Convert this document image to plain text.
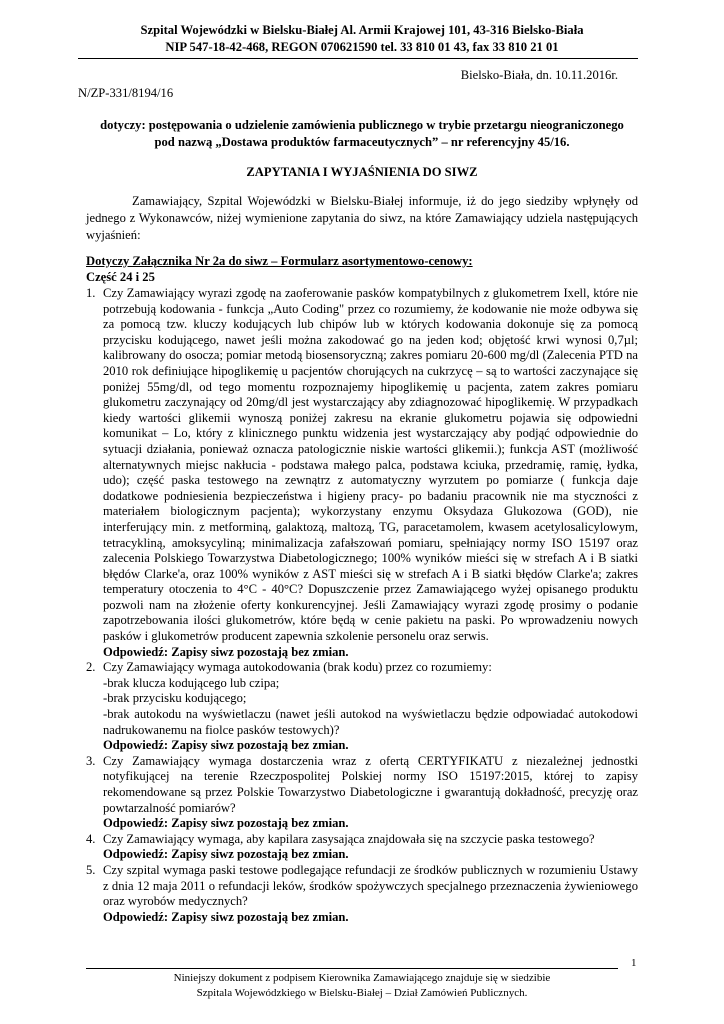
Szpital Wojewódzki w Bielsku-Białej Al. Armii Krajowej 101, 43-316 Bielsko-Biała
NIP 547-18-42-468, REGON 070621590 tel. 33 810 01 43, fax 33 810 21 01
Bielsko-Biała, dn. 10.11.2016r.
N/ZP-331/8194/16
dotyczy: postępowania o udzielenie zamówienia publicznego w trybie przetargu nieograniczonego
pod nazwą „Dostawa produktów farmaceutycznych” – nr referencyjny 45/16.
ZAPYTANIA I WYJAŚNIENIA DO SIWZ
Zamawiający, Szpital Wojewódzki w Bielsku-Białej informuje, iż do jego siedziby wpłynęły od jednego z Wykonawców, niżej wymienione zapytania do siwz, na które Zamawiający udziela następujących wyjaśnień:
Dotyczy Załącznika Nr 2a do siwz – Formularz asortymentowo-cenowy:
Część 24 i 25
1. Czy Zamawiający wyrazi zgodę na zaoferowanie pasków kompatybilnych z glukometrem Ixell, które nie potrzebują kodowania - funkcja „Auto Coding" przez co rozumiemy, że kodowanie nie może odbywa się za pomocą tzw. kluczy kodujących lub chipów lub w których kodowania dokonuje się za pomocą przycisku kodującego, nawet jeśli można zakodować go na jeden kod; objętość krwi wynosi 0,7µl; kalibrowany do osocza; pomiar metodą biosensoryczną; zakres pomiaru 20-600 mg/dl (Zalecenia PTD na 2010 rok definiujące hipoglikemię u pacjentów chorujących na cukrzycę – są to wartości zaczynające się poniżej 55mg/dl, od tego momentu rozpoznajemy hipoglikemię u pacjenta, zatem zakres pomiaru glukometru zaczynający od 20mg/dl jest wystarczający aby zdiagnozować hipoglikemię. W przypadkach kiedy wartości glikemii wynoszą poniżej zakresu na ekranie glukometru pojawia się odpowiedni komunikat – Lo, który z klinicznego punktu widzenia jest wystarczający aby podjąć odpowiednie do sytuacji działania, ponieważ oznacza patologicznie niskie wartości glikemii.); funkcja AST (możliwość alternatywnych miejsc nakłucia - podstawa małego palca, podstawa kciuka, przedramię, ramię, łydka, udo); część paska testowego na zewnątrz z automatyczny wyrzutem po pomiarze ( funkcja daje dodatkowe podniesienia bezpieczeństwa i higieny pracy- po badaniu pracownik nie ma styczności z materiałem biologicznym pacjenta); wykorzystany enzymu Oksydaza Glukozowa (GOD), nie interferujący min. z metforminą, galaktozą, maltozą, TG, paracetamolem, kwasem acetylosalicylowym, tetracykliną, amoksycyliną; minimalizacja zafałszowań pomiaru, spełniający normy ISO 15197 oraz zalecenia Polskiego Towarzystwa Diabetologicznego; 100% wyników mieści się w strefach A i B siatki błędów Clarke'a, oraz 100% wyników z AST mieści się w strefach A i B siatki błędów Clarke'a; zakres temperatury otoczenia to 4°C - 40°C? Dopuszczenie przez Zamawiającego wyżej opisanego produktu pozwoli nam na złożenie oferty konkurencyjnej. Jeśli Zamawiający wyrazi zgodę prosimy o podanie zapotrzebowania ilości glukometrów, które będą w cenie pakietu na paski. Po wprowadzeniu nowych pasków i glukometrów producent zapewnia szkolenie personelu oraz serwis.
Odpowiedź: Zapisy siwz pozostają bez zmian.
2. Czy Zamawiający wymaga autokodowania (brak kodu) przez co rozumiemy:
-brak klucza kodującego lub czipa;
-brak przycisku kodującego;
-brak autokodu na wyświetlaczu (nawet jeśli autokod na wyświetlaczu będzie odpowiadać autokodowi nadrukowanemu na fiolce pasków testowych)?
Odpowiedź: Zapisy siwz pozostają bez zmian.
3. Czy Zamawiający wymaga dostarczenia wraz z ofertą CERTYFIKATU z niezależnej jednostki notyfikującej na terenie Rzeczpospolitej Polskiej normy ISO 15197:2015, której to zapisy rekomendowane są przez Polskie Towarzystwo Diabetologiczne i gwarantują dokładność, precyzję oraz powtarzalność pomiarów?
Odpowiedź: Zapisy siwz pozostają bez zmian.
4. Czy Zamawiający wymaga, aby kapilara zasysająca znajdowała się na szczycie paska testowego?
Odpowiedź: Zapisy siwz pozostają bez zmian.
5. Czy szpital wymaga paski testowe podlegające refundacji ze środków publicznych w rozumieniu Ustawy z dnia 12 maja 2011 o refundacji leków, środków spożywczych specjalnego przeznaczenia żywieniowego oraz wyrobów medycznych?
Odpowiedź: Zapisy siwz pozostają bez zmian.
1
Niniejszy dokument z podpisem Kierownika Zamawiającego znajduje się w siedzibie
Szpitala Wojewódzkiego w Bielsku-Białej – Dział Zamówień Publicznych.
